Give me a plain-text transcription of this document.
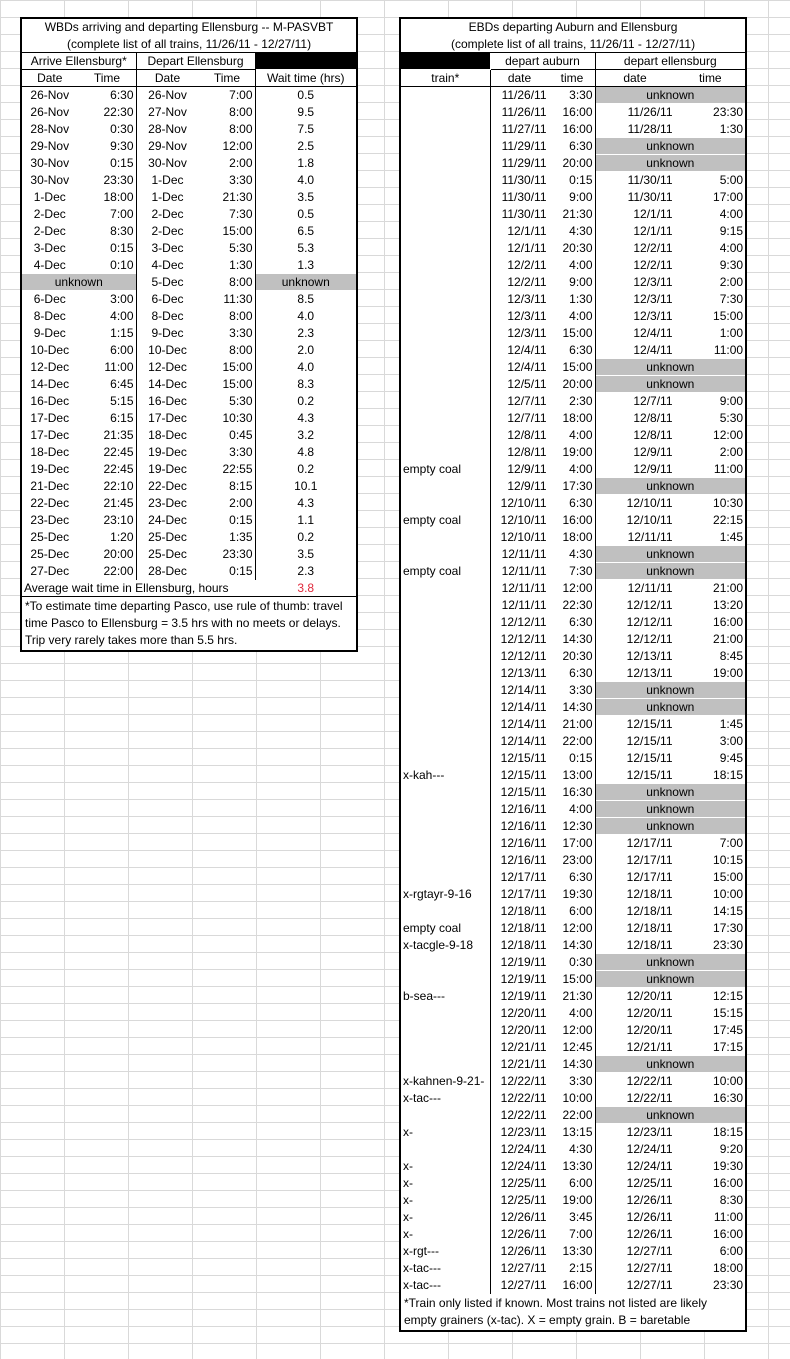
WBDs arriving and departing Ellensburg -- M-PASVBT				
(complete list of all trains, 11/26/11 - 12/27/11)				
Arrive Ellensburg*		Depart Ellensburg		
Date	Time	Date	Time	Wait time (hrs)
26-Nov	6:30	26-Nov	7:00	0.5
26-Nov	22:30	27-Nov	8:00	9.5
28-Nov	0:30	28-Nov	8:00	7.5
29-Nov	9:30	29-Nov	12:00	2.5
30-Nov	0:15	30-Nov	2:00	1.8
30-Nov	23:30	1-Dec	3:30	4.0
1-Dec	18:00	1-Dec	21:30	3.5
2-Dec	7:00	2-Dec	7:30	0.5
2-Dec	8:30	2-Dec	15:00	6.5
3-Dec	0:15	3-Dec	5:30	5.3
4-Dec	0:10	4-Dec	1:30	1.3
unknown		5-Dec	8:00	unknown
6-Dec	3:00	6-Dec	11:30	8.5
8-Dec	4:00	8-Dec	8:00	4.0
9-Dec	1:15	9-Dec	3:30	2.3
10-Dec	6:00	10-Dec	8:00	2.0
12-Dec	11:00	12-Dec	15:00	4.0
14-Dec	6:45	14-Dec	15:00	8.3
16-Dec	5:15	16-Dec	5:30	0.2
17-Dec	6:15	17-Dec	10:30	4.3
17-Dec	21:35	18-Dec	0:45	3.2
18-Dec	22:45	19-Dec	3:30	4.8
19-Dec	22:45	19-Dec	22:55	0.2
21-Dec	22:10	22-Dec	8:15	10.1
22-Dec	21:45	23-Dec	2:00	4.3
23-Dec	23:10	24-Dec	0:15	1.1
25-Dec	1:20	25-Dec	1:35	0.2
25-Dec	20:00	25-Dec	23:30	3.5
27-Dec	22:00	28-Dec	0:15	2.3
Average wait time in Ellensburg, hours				3.8
*To estimate time departing Pasco, use rule of thumb: travel time Pasco to Ellensburg = 3.5 hrs with no meets or delays. Trip very rarely takes more than 5.5 hrs.				
EBDs departing Auburn and Ellensburg				
(complete list of all trains, 11/26/11 - 12/27/11)				
	depart auburn		depart ellensburg	
train*	date	time	date	time
	11/26/11	3:30	unknown	
	11/26/11	16:00	11/26/11	23:30
	11/27/11	16:00	11/28/11	1:30
	11/29/11	6:30	unknown	
	11/29/11	20:00	unknown	
	11/30/11	0:15	11/30/11	5:00
	11/30/11	9:00	11/30/11	17:00
	11/30/11	21:30	12/1/11	4:00
	12/1/11	4:30	12/1/11	9:15
	12/1/11	20:30	12/2/11	4:00
	12/2/11	4:00	12/2/11	9:30
	12/2/11	9:00	12/3/11	2:00
	12/3/11	1:30	12/3/11	7:30
	12/3/11	4:00	12/3/11	15:00
	12/3/11	15:00	12/4/11	1:00
	12/4/11	6:30	12/4/11	11:00
	12/4/11	15:00	unknown	
	12/5/11	20:00	unknown	
	12/7/11	2:30	12/7/11	9:00
	12/7/11	18:00	12/8/11	5:30
	12/8/11	4:00	12/8/11	12:00
	12/8/11	19:00	12/9/11	2:00
empty coal	12/9/11	4:00	12/9/11	11:00
	12/9/11	17:30	unknown	
	12/10/11	6:30	12/10/11	10:30
empty coal	12/10/11	16:00	12/10/11	22:15
	12/10/11	18:00	12/11/11	1:45
	12/11/11	4:30	unknown	
empty coal	12/11/11	7:30	unknown	
	12/11/11	12:00	12/11/11	21:00
	12/11/11	22:30	12/12/11	13:20
	12/12/11	6:30	12/12/11	16:00
	12/12/11	14:30	12/12/11	21:00
	12/12/11	20:30	12/13/11	8:45
	12/13/11	6:30	12/13/11	19:00
	12/14/11	3:30	unknown	
	12/14/11	14:30	unknown	
	12/14/11	21:00	12/15/11	1:45
	12/14/11	22:00	12/15/11	3:00
	12/15/11	0:15	12/15/11	9:45
x-kah---	12/15/11	13:00	12/15/11	18:15
	12/15/11	16:30	unknown	
	12/16/11	4:00	unknown	
	12/16/11	12:30	unknown	
	12/16/11	17:00	12/17/11	7:00
	12/16/11	23:00	12/17/11	10:15
	12/17/11	6:30	12/17/11	15:00
x-rgtayr-9-16	12/17/11	19:30	12/18/11	10:00
	12/18/11	6:00	12/18/11	14:15
empty coal	12/18/11	12:00	12/18/11	17:30
x-tacgle-9-18	12/18/11	14:30	12/18/11	23:30
	12/19/11	0:30	unknown	
	12/19/11	15:00	unknown	
b-sea---	12/19/11	21:30	12/20/11	12:15
	12/20/11	4:00	12/20/11	15:15
	12/20/11	12:00	12/20/11	17:45
	12/21/11	12:45	12/21/11	17:15
	12/21/11	14:30	unknown	
x-kahnen-9-21-	12/22/11	3:30	12/22/11	10:00
x-tac---	12/22/11	10:00	12/22/11	16:30
	12/22/11	22:00	unknown	
x-	12/23/11	13:15	12/23/11	18:15
	12/24/11	4:30	12/24/11	9:20
x-	12/24/11	13:30	12/24/11	19:30
x-	12/25/11	6:00	12/25/11	16:00
x-	12/25/11	19:00	12/26/11	8:30
x-	12/26/11	3:45	12/26/11	11:00
x-	12/26/11	7:00	12/26/11	16:00
x-rgt---	12/26/11	13:30	12/27/11	6:00
x-tac---	12/27/11	2:15	12/27/11	18:00
x-tac---	12/27/11	16:00	12/27/11	23:30
*Train only listed if known. Most trains not listed are likely empty grainers (x-tac). X = empty grain. B = baretable				
